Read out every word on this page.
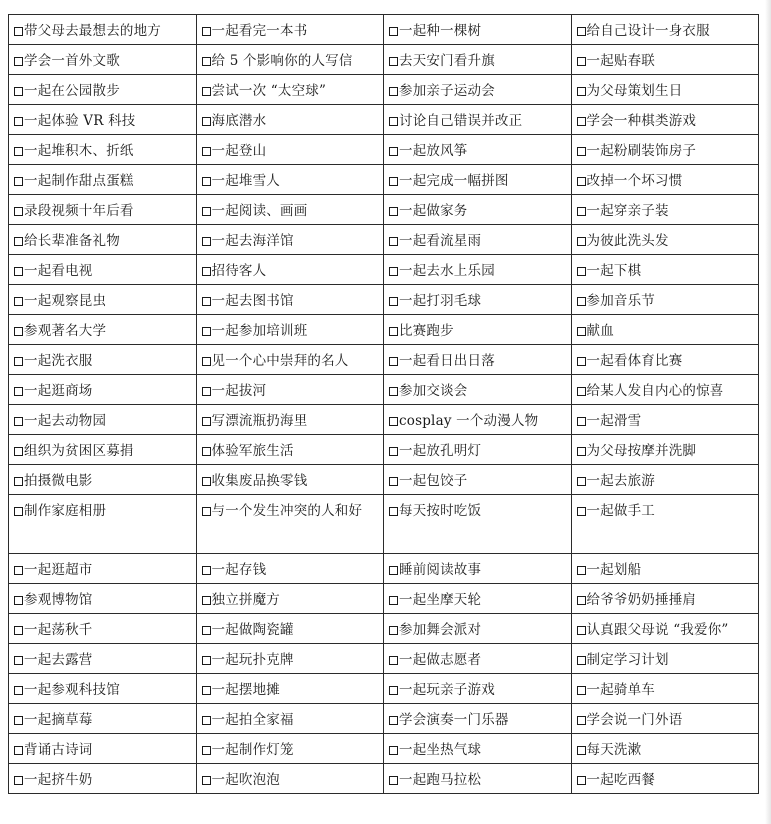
带父母去最想去的地方	一起看完一本书	一起种一棵树	给自己设计一身衣服
学会一首外文歌	给 5 个影响你的人写信	去天安门看升旗	一起贴春联
一起在公园散步	尝试一次 “太空球”	参加亲子运动会	为父母策划生日
一起体验 VR 科技	海底潜水	讨论自己错误并改正	学会一种棋类游戏
一起堆积木、折纸	一起登山	一起放风筝	一起粉刷装饰房子
一起制作甜点蛋糕	一起堆雪人	一起完成一幅拼图	改掉一个坏习惯
录段视频十年后看	一起阅读、画画	一起做家务	一起穿亲子装
给长辈准备礼物	一起去海洋馆	一起看流星雨	为彼此洗头发
一起看电视	招待客人	一起去水上乐园	一起下棋
一起观察昆虫	一起去图书馆	一起打羽毛球	参加音乐节
参观著名大学	一起参加培训班	比赛跑步	献血
一起洗衣服	见一个心中崇拜的名人	一起看日出日落	一起看体育比赛
一起逛商场	一起拔河	参加交谈会	给某人发自内心的惊喜
一起去动物园	写漂流瓶扔海里	cosplay 一个动漫人物	一起滑雪
组织为贫困区募捐	体验军旅生活	一起放孔明灯	为父母按摩并洗脚
拍摄微电影	收集废品换零钱	一起包饺子	一起去旅游
制作家庭相册	与一个发生冲突的人和好	每天按时吃饭	一起做手工
一起逛超市	一起存钱	睡前阅读故事	一起划船
参观博物馆	独立拼魔方	一起坐摩天轮	给爷爷奶奶捶捶肩
一起荡秋千	一起做陶瓷罐	参加舞会派对	认真跟父母说 “我爱你”
一起去露营	一起玩扑克牌	一起做志愿者	制定学习计划
一起参观科技馆	一起摆地摊	一起玩亲子游戏	一起骑单车
一起摘草莓	一起拍全家福	学会演奏一门乐器	学会说一门外语
背诵古诗词	一起制作灯笼	一起坐热气球	每天洗漱
一起挤牛奶	一起吹泡泡	一起跑马拉松	一起吃西餐
